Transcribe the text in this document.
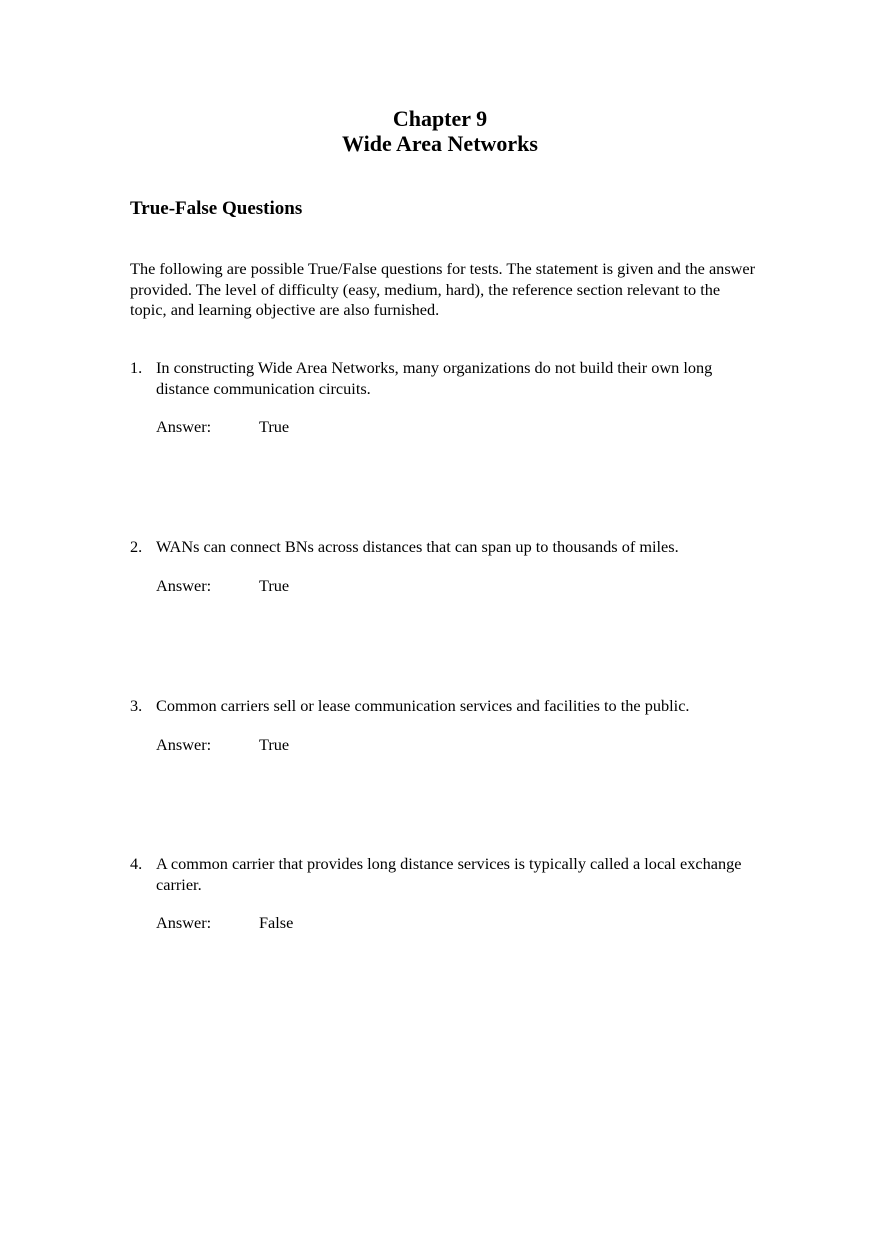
Chapter 9
Wide Area Networks
True-False Questions
The following are possible True/False questions for tests. The statement is given and the answer provided. The level of difficulty (easy, medium, hard), the reference section relevant to the topic, and learning objective are also furnished.
1. In constructing Wide Area Networks, many organizations do not build their own long distance communication circuits.
Answer:	True
2. WANs can connect BNs across distances that can span up to thousands of miles.
Answer:	True
3. Common carriers sell or lease communication services and facilities to the public.
Answer:	True
4. A common carrier that provides long distance services is typically called a local exchange carrier.
Answer:	False
